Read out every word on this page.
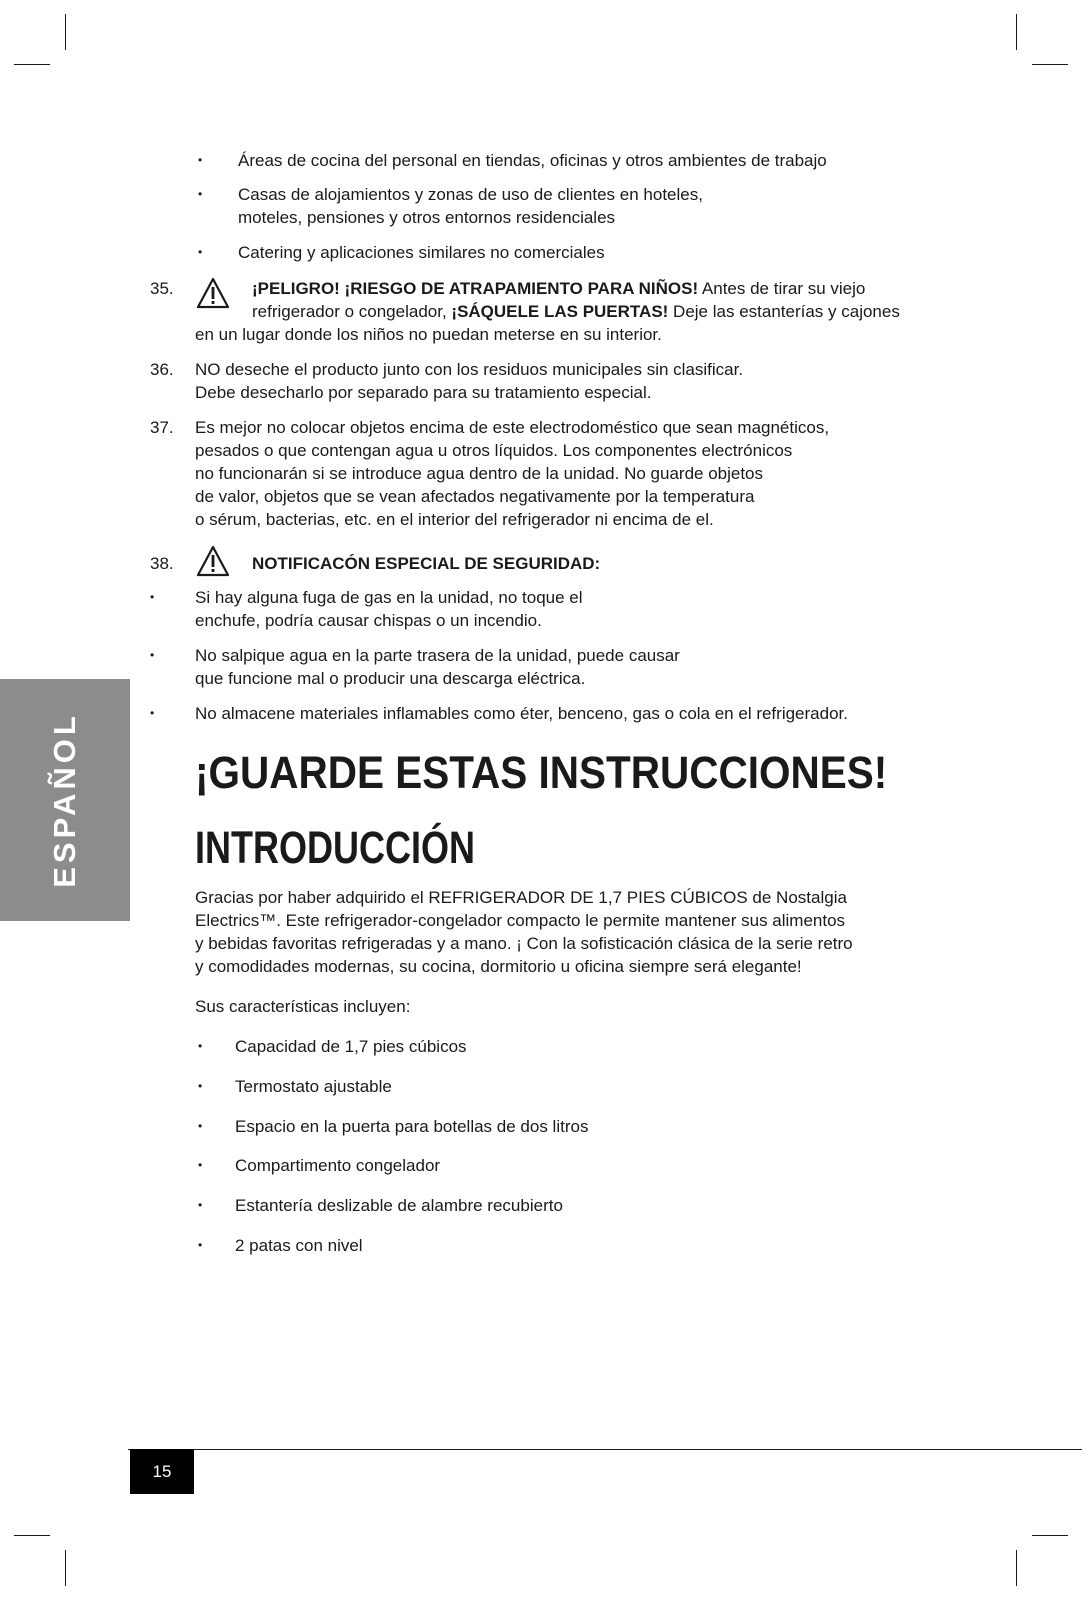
ESPAÑOL
• Áreas de cocina del personal en tiendas, oficinas y otros ambientes de trabajo
• Casas de alojamientos y zonas de uso de clientes en hoteles,
moteles, pensiones y otros entornos residenciales
• Catering y aplicaciones similares no comerciales
35.	¡PELIGRO! ¡RIESGO DE ATRAPAMIENTO PARA NIÑOS! Antes de tirar su viejo
refrigerador o congelador, ¡SÁQUELE LAS PUERTAS! Deje las estanterías y cajones
en un lugar donde los niños no puedan meterse en su interior.
36. NO deseche el producto junto con los residuos municipales sin clasificar.
Debe desecharlo por separado para su tratamiento especial.
37. Es mejor no colocar objetos encima de este electrodoméstico que sean magnéticos,
pesados o que contengan agua u otros líquidos. Los componentes electrónicos
no funcionarán si se introduce agua dentro de la unidad. No guarde objetos
de valor, objetos que se vean afectados negativamente por la temperatura
o sérum, bacterias, etc. en el interior del refrigerador ni encima de el.
38.	NOTIFICACÓN ESPECIAL DE SEGURIDAD:
• Si hay alguna fuga de gas en la unidad, no toque el
enchufe, podría causar chispas o un incendio.
• No salpique agua en la parte trasera de la unidad, puede causar
que funcione mal o producir una descarga eléctrica.
• No almacene materiales inflamables como éter, benceno, gas o cola en el refrigerador.
¡GUARDE ESTAS INSTRUCCIONES!
INTRODUCCIÓN
Gracias por haber adquirido el REFRIGERADOR DE 1,7 PIES CÚBICOS de Nostalgia
Electrics™. Este refrigerador-congelador compacto le permite mantener sus alimentos
y bebidas favoritas refrigeradas y a mano. ¡ Con la sofisticación clásica de la serie retro
y comodidades modernas, su cocina, dormitorio u oficina siempre será elegante!
Sus características incluyen:
• Capacidad de 1,7 pies cúbicos
• Termostato ajustable
• Espacio en la puerta para botellas de dos litros
• Compartimento congelador
• Estantería deslizable de alambre recubierto
• 2 patas con nivel
15
